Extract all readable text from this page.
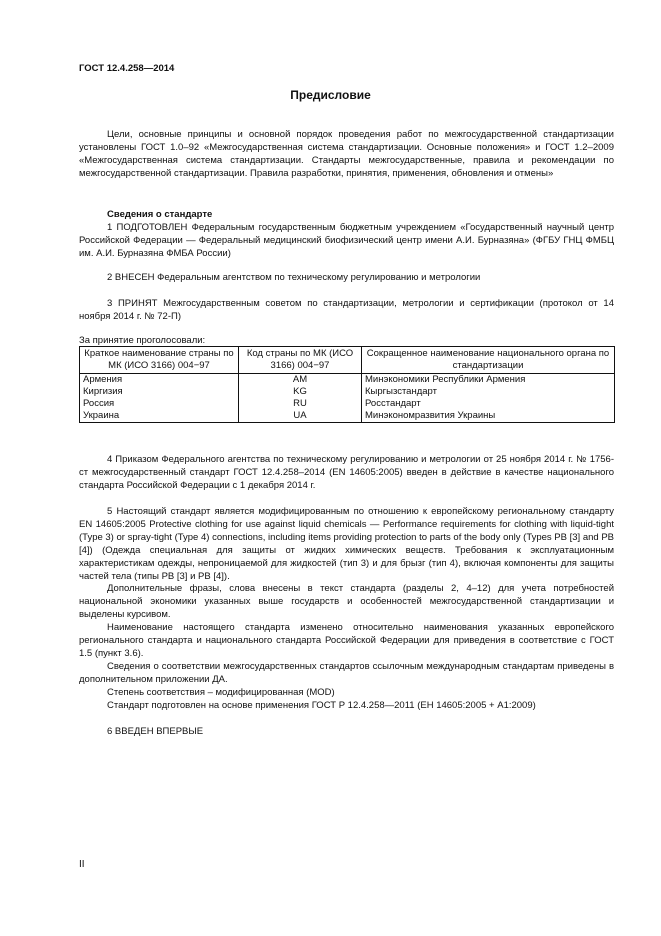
ГОСТ 12.4.258—2014
Предисловие

Цели, основные принципы и основной порядок проведения работ по межгосударственной стандартизации установлены ГОСТ 1.0–92 «Межгосударственная система стандартизации. Основные положения» и ГОСТ 1.2–2009 «Межгосударственная система стандартизации. Стандарты межгосударственные, правила и рекомендации по межгосударственной стандартизации. Правила разработки, принятия, применения, обновления и отмены»

Сведения о стандарте

1 ПОДГОТОВЛЕН Федеральным государственным бюджетным учреждением «Государственный научный центр Российской Федерации — Федеральный медицинский биофизический центр имени А.И. Бурназяна» (ФГБУ ГНЦ ФМБЦ им. А.И. Бурназяна ФМБА России)

2 ВНЕСЕН Федеральным агентством по техническому регулированию и метрологии

3 ПРИНЯТ Межгосударственным советом по стандартизации, метрологии и сертификации (протокол от 14 ноября 2014 г. № 72-П)

За принятие проголосовали:

Краткое наименование страны по МК (ИСО 3166) 004−97	Код страны по МК (ИСО 3166) 004−97	Сокращенное наименование национального органа по стандартизации
Армения	AM	Минэкономики Республики Армения
Киргизия	KG	Кыргызстандарт
Россия	RU	Росстандарт
Украина	UA	Минэкономразвития Украины

4 Приказом Федерального агентства по техническому регулированию и метрологии от 25 ноября 2014 г. № 1756-ст межгосударственный стандарт ГОСТ 12.4.258–2014 (EN 14605:2005) введен в действие в качестве национального стандарта Российской Федерации с 1 декабря 2014 г.

5 Настоящий стандарт является модифицированным по отношению к европейскому региональному стандарту EN 14605:2005 Protective clothing for use against liquid chemicals — Performance requirements for clothing with liquid-tight (Type 3) or spray-tight (Type 4) connections, including items providing protection to parts of the body only (Types PB [3] and PB [4]) (Одежда специальная для защиты от жидких химических веществ. Требования к эксплуатационным характеристикам одежды, непроницаемой для жидкостей (тип 3) и для брызг (тип 4), включая компоненты для защиты частей тела (типы PB [3] и PB [4]).

Дополнительные фразы, слова внесены в текст стандарта (разделы 2, 4–12) для учета потребностей национальной экономики указанных выше государств и особенностей межгосударственной стандартизации и выделены курсивом.

Наименование настоящего стандарта изменено относительно наименования указанных европейского регионального стандарта и национального стандарта Российской Федерации для приведения в соответствие с ГОСТ 1.5 (пункт 3.6).

Сведения о соответствии межгосударственных стандартов ссылочным международным стандартам приведены в дополнительном приложении ДА.

Степень соответствия – модифицированная (MOD)

Стандарт подготовлен на основе применения ГОСТ Р 12.4.258—2011 (ЕН 14605:2005 + A1:2009)

6 ВВЕДЕН ВПЕРВЫЕ

II
